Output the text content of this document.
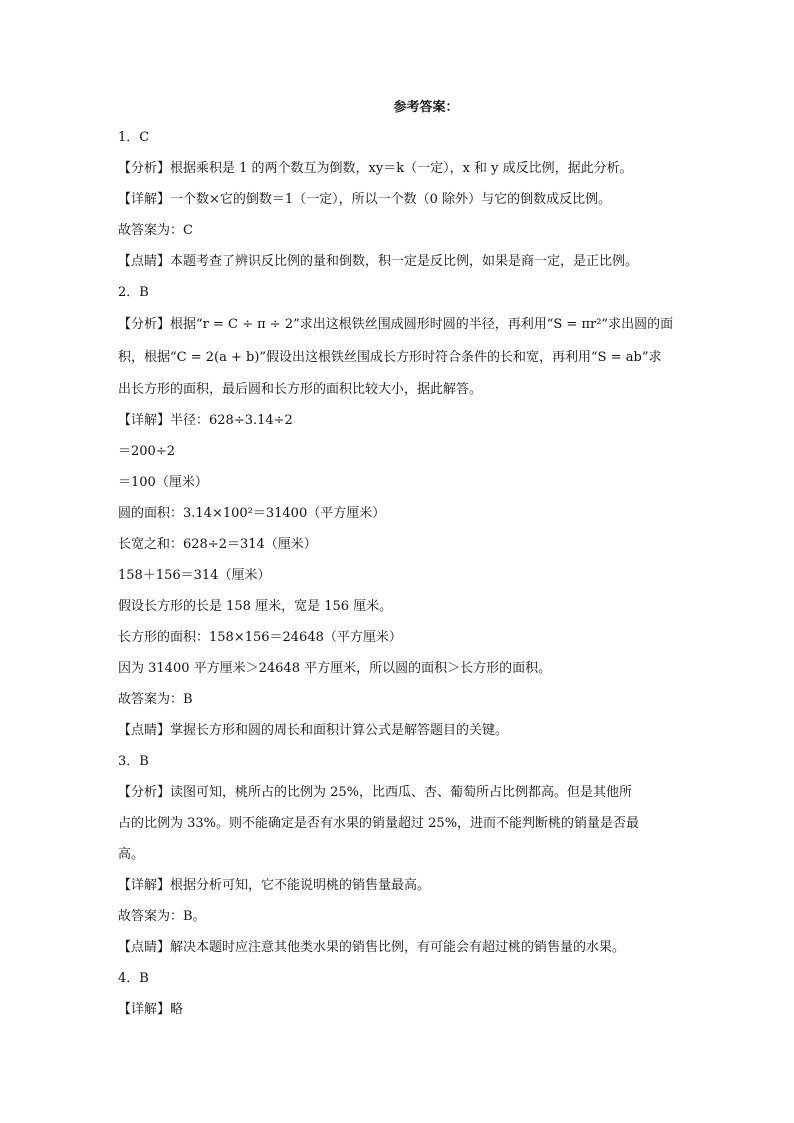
参考答案：

1．C

【分析】根据乘积是 1 的两个数互为倒数，xy＝k（一定），x 和 y 成反比例，据此分析。

【详解】一个数×它的倒数＝1（一定），所以一个数（0 除外）与它的倒数成反比例。

故答案为：C

【点睛】本题考查了辨识反比例的量和倒数，积一定是反比例，如果是商一定，是正比例。

2．B

【分析】根据“r = C ÷ π ÷ 2”求出这根铁丝围成圆形时圆的半径，再利用“S = πr²”求出圆的面

积，根据“C = 2(a + b)”假设出这根铁丝围成长方形时符合条件的长和宽，再利用“S = ab”求

出长方形的面积，最后圆和长方形的面积比较大小，据此解答。

【详解】半径：628÷3.14÷2

＝200÷2

＝100（厘米）

圆的面积：3.14×100²＝31400（平方厘米）

长宽之和：628÷2＝314（厘米）

158＋156＝314（厘米）

假设长方形的长是 158 厘米，宽是 156 厘米。

长方形的面积：158×156＝24648（平方厘米）

因为 31400 平方厘米＞24648 平方厘米，所以圆的面积＞长方形的面积。

故答案为：B

【点睛】掌握长方形和圆的周长和面积计算公式是解答题目的关键。

3．B

【分析】读图可知，桃所占的比例为 25%，比西瓜、杏、葡萄所占比例都高。但是其他所

占的比例为 33%。则不能确定是否有水果的销量超过 25%，进而不能判断桃的销量是否最

高。

【详解】根据分析可知，它不能说明桃的销售量最高。

故答案为：B。

【点睛】解决本题时应注意其他类水果的销售比例，有可能会有超过桃的销售量的水果。

4．B

【详解】略
